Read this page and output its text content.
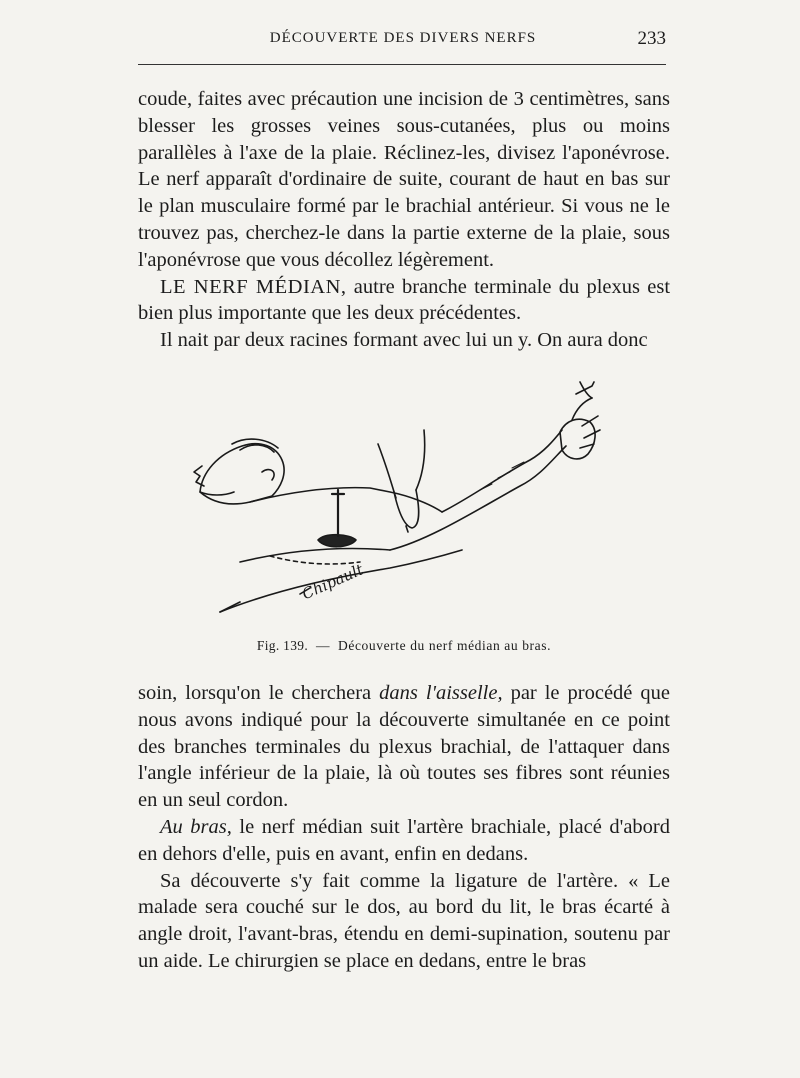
DÉCOUVERTE DES DIVERS NERFS	233

coude, faites avec précaution une incision de 3 centimètres, sans blesser les grosses veines sous-cutanées, plus ou moins parallèles à l'axe de la plaie. Réclinez-les, divisez l'aponévrose. Le nerf apparaît d'ordinaire de suite, courant de haut en bas sur le plan musculaire formé par le brachial antérieur. Si vous ne le trouvez pas, cherchez-le dans la partie externe de la plaie, sous l'aponévrose que vous décollez légèrement.

LE NERF MÉDIAN, autre branche terminale du plexus est bien plus importante que les deux précédentes.

Il nait par deux racines formant avec lui un y. On aura donc

Chipault
Fig. 139.  —  Découverte du nerf médian au bras.

soin, lorsqu'on le cherchera dans l'aisselle, par le procédé que nous avons indiqué pour la découverte simultanée en ce point des branches terminales du plexus brachial, de l'attaquer dans l'angle inférieur de la plaie, là où toutes ses fibres sont réunies en un seul cordon.

Au bras, le nerf médian suit l'artère brachiale, placé d'abord en dehors d'elle, puis en avant, enfin en dedans.

Sa découverte s'y fait comme la ligature de l'artère. « Le malade sera couché sur le dos, au bord du lit, le bras écarté à angle droit, l'avant-bras, étendu en demi-supination, soutenu par un aide. Le chirurgien se place en dedans, entre le bras
